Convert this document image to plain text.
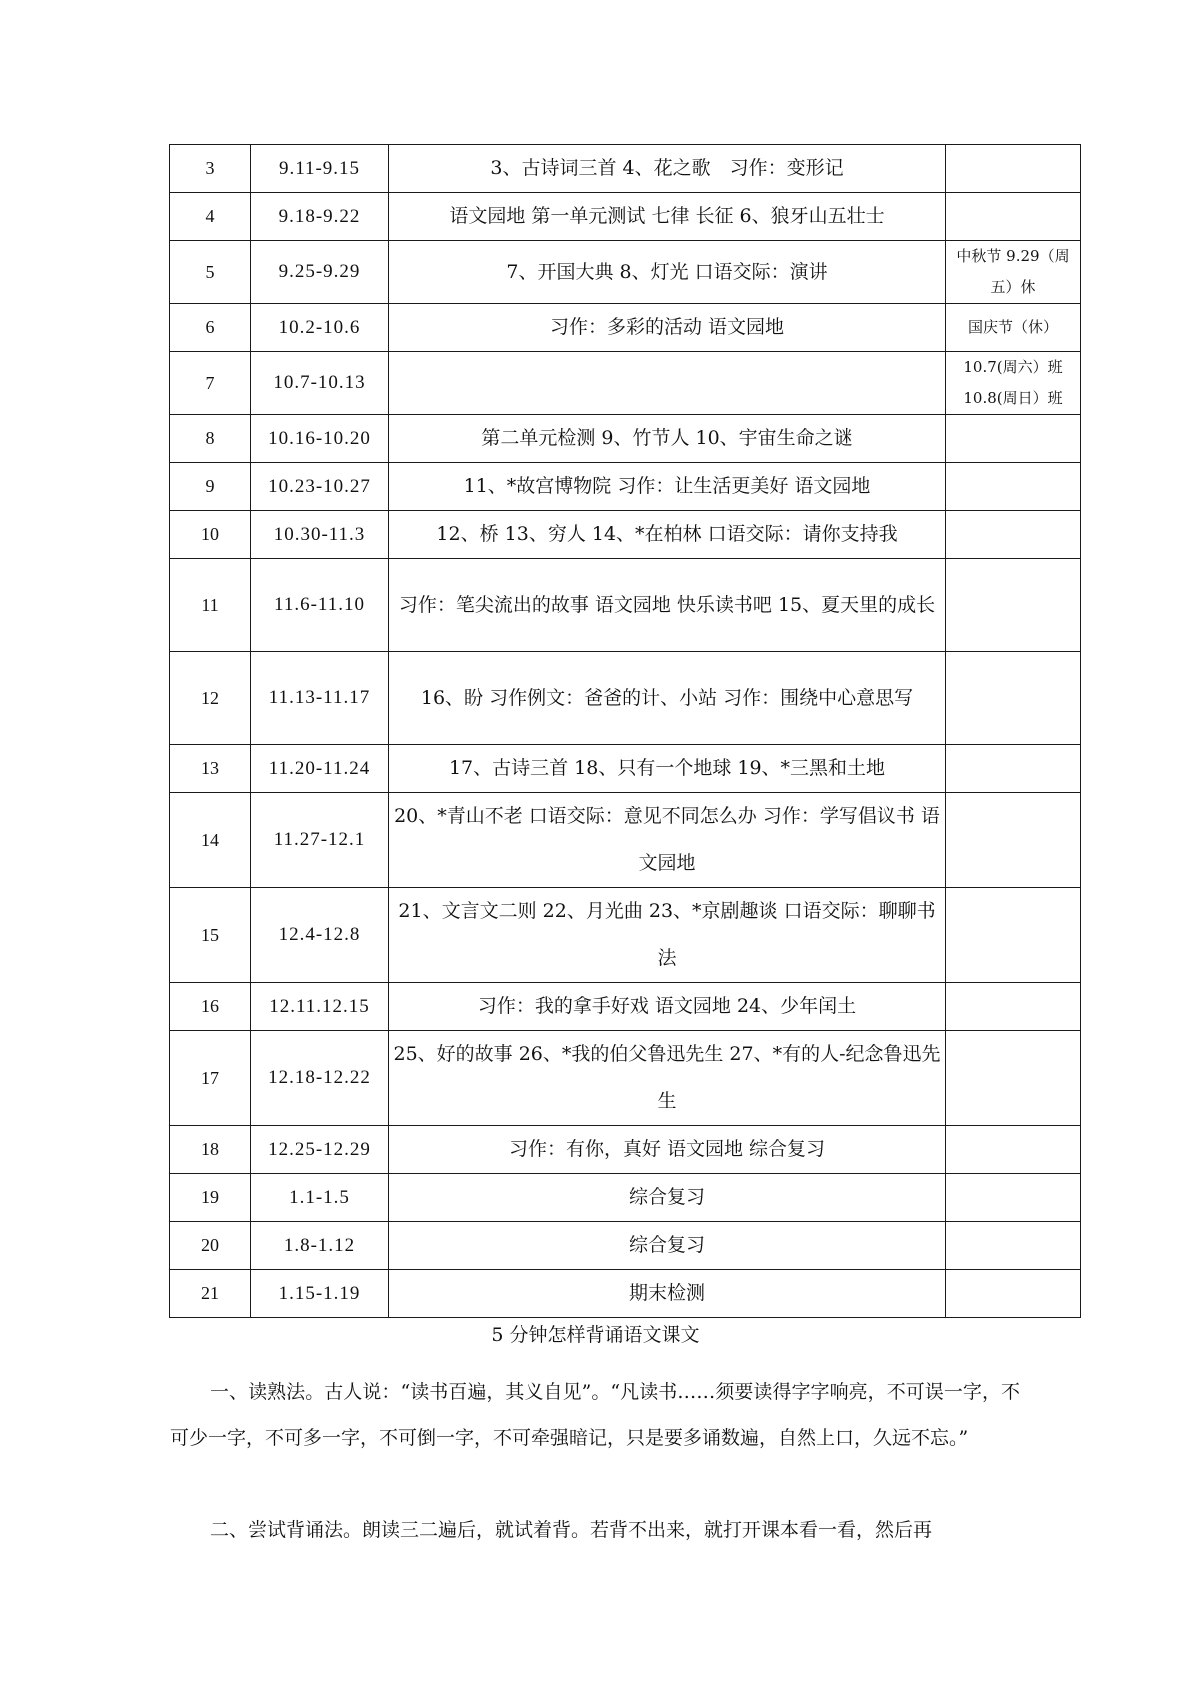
3	9.11-9.15	3、古诗词三首 4、花之歌　习作：变形记	
4	9.18-9.22	语文园地 第一单元测试 七律 长征 6、狼牙山五壮士	
5	9.25-9.29	7、开国大典 8、灯光 口语交际：演讲	中秋节 9.29（周五）休
6	10.2-10.6	习作：多彩的活动 语文园地	国庆节（休）
7	10.7-10.13		10.7(周六）班 10.8(周日）班
8	10.16-10.20	第二单元检测 9、竹节人 10、宇宙生命之谜	
9	10.23-10.27	11、*故宫博物院 习作：让生活更美好 语文园地	
10	10.30-11.3	12、桥 13、穷人 14、*在柏林 口语交际：请你支持我	
11	11.6-11.10	习作：笔尖流出的故事 语文园地 快乐读书吧 15、夏天里的成长	
12	11.13-11.17	16、盼 习作例文：爸爸的计、小站 习作：围绕中心意思写	
13	11.20-11.24	17、古诗三首 18、只有一个地球 19、*三黑和土地	
14	11.27-12.1	20、*青山不老 口语交际：意见不同怎么办 习作：学写倡议书 语文园地	
15	12.4-12.8	21、文言文二则 22、月光曲 23、*京剧趣谈 口语交际：聊聊书法	
16	12.11.12.15	习作：我的拿手好戏 语文园地 24、少年闰土	
17	12.18-12.22	25、好的故事 26、*我的伯父鲁迅先生 27、*有的人-纪念鲁迅先生	
18	12.25-12.29	习作：有你，真好 语文园地 综合复习	
19	1.1-1.5	综合复习	
20	1.8-1.12	综合复习	
21	1.15-1.19	期末检测	
5 分钟怎样背诵语文课文

一、读熟法。古人说：“读书百遍，其义自见”。“凡读书……须要读得字字响亮，不可误一字，不可少一字，不可多一字，不可倒一字，不可牵强暗记，只是要多诵数遍，自然上口，久远不忘。”

二、尝试背诵法。朗读三二遍后，就试着背。若背不出来，就打开课本看一看，然后再
